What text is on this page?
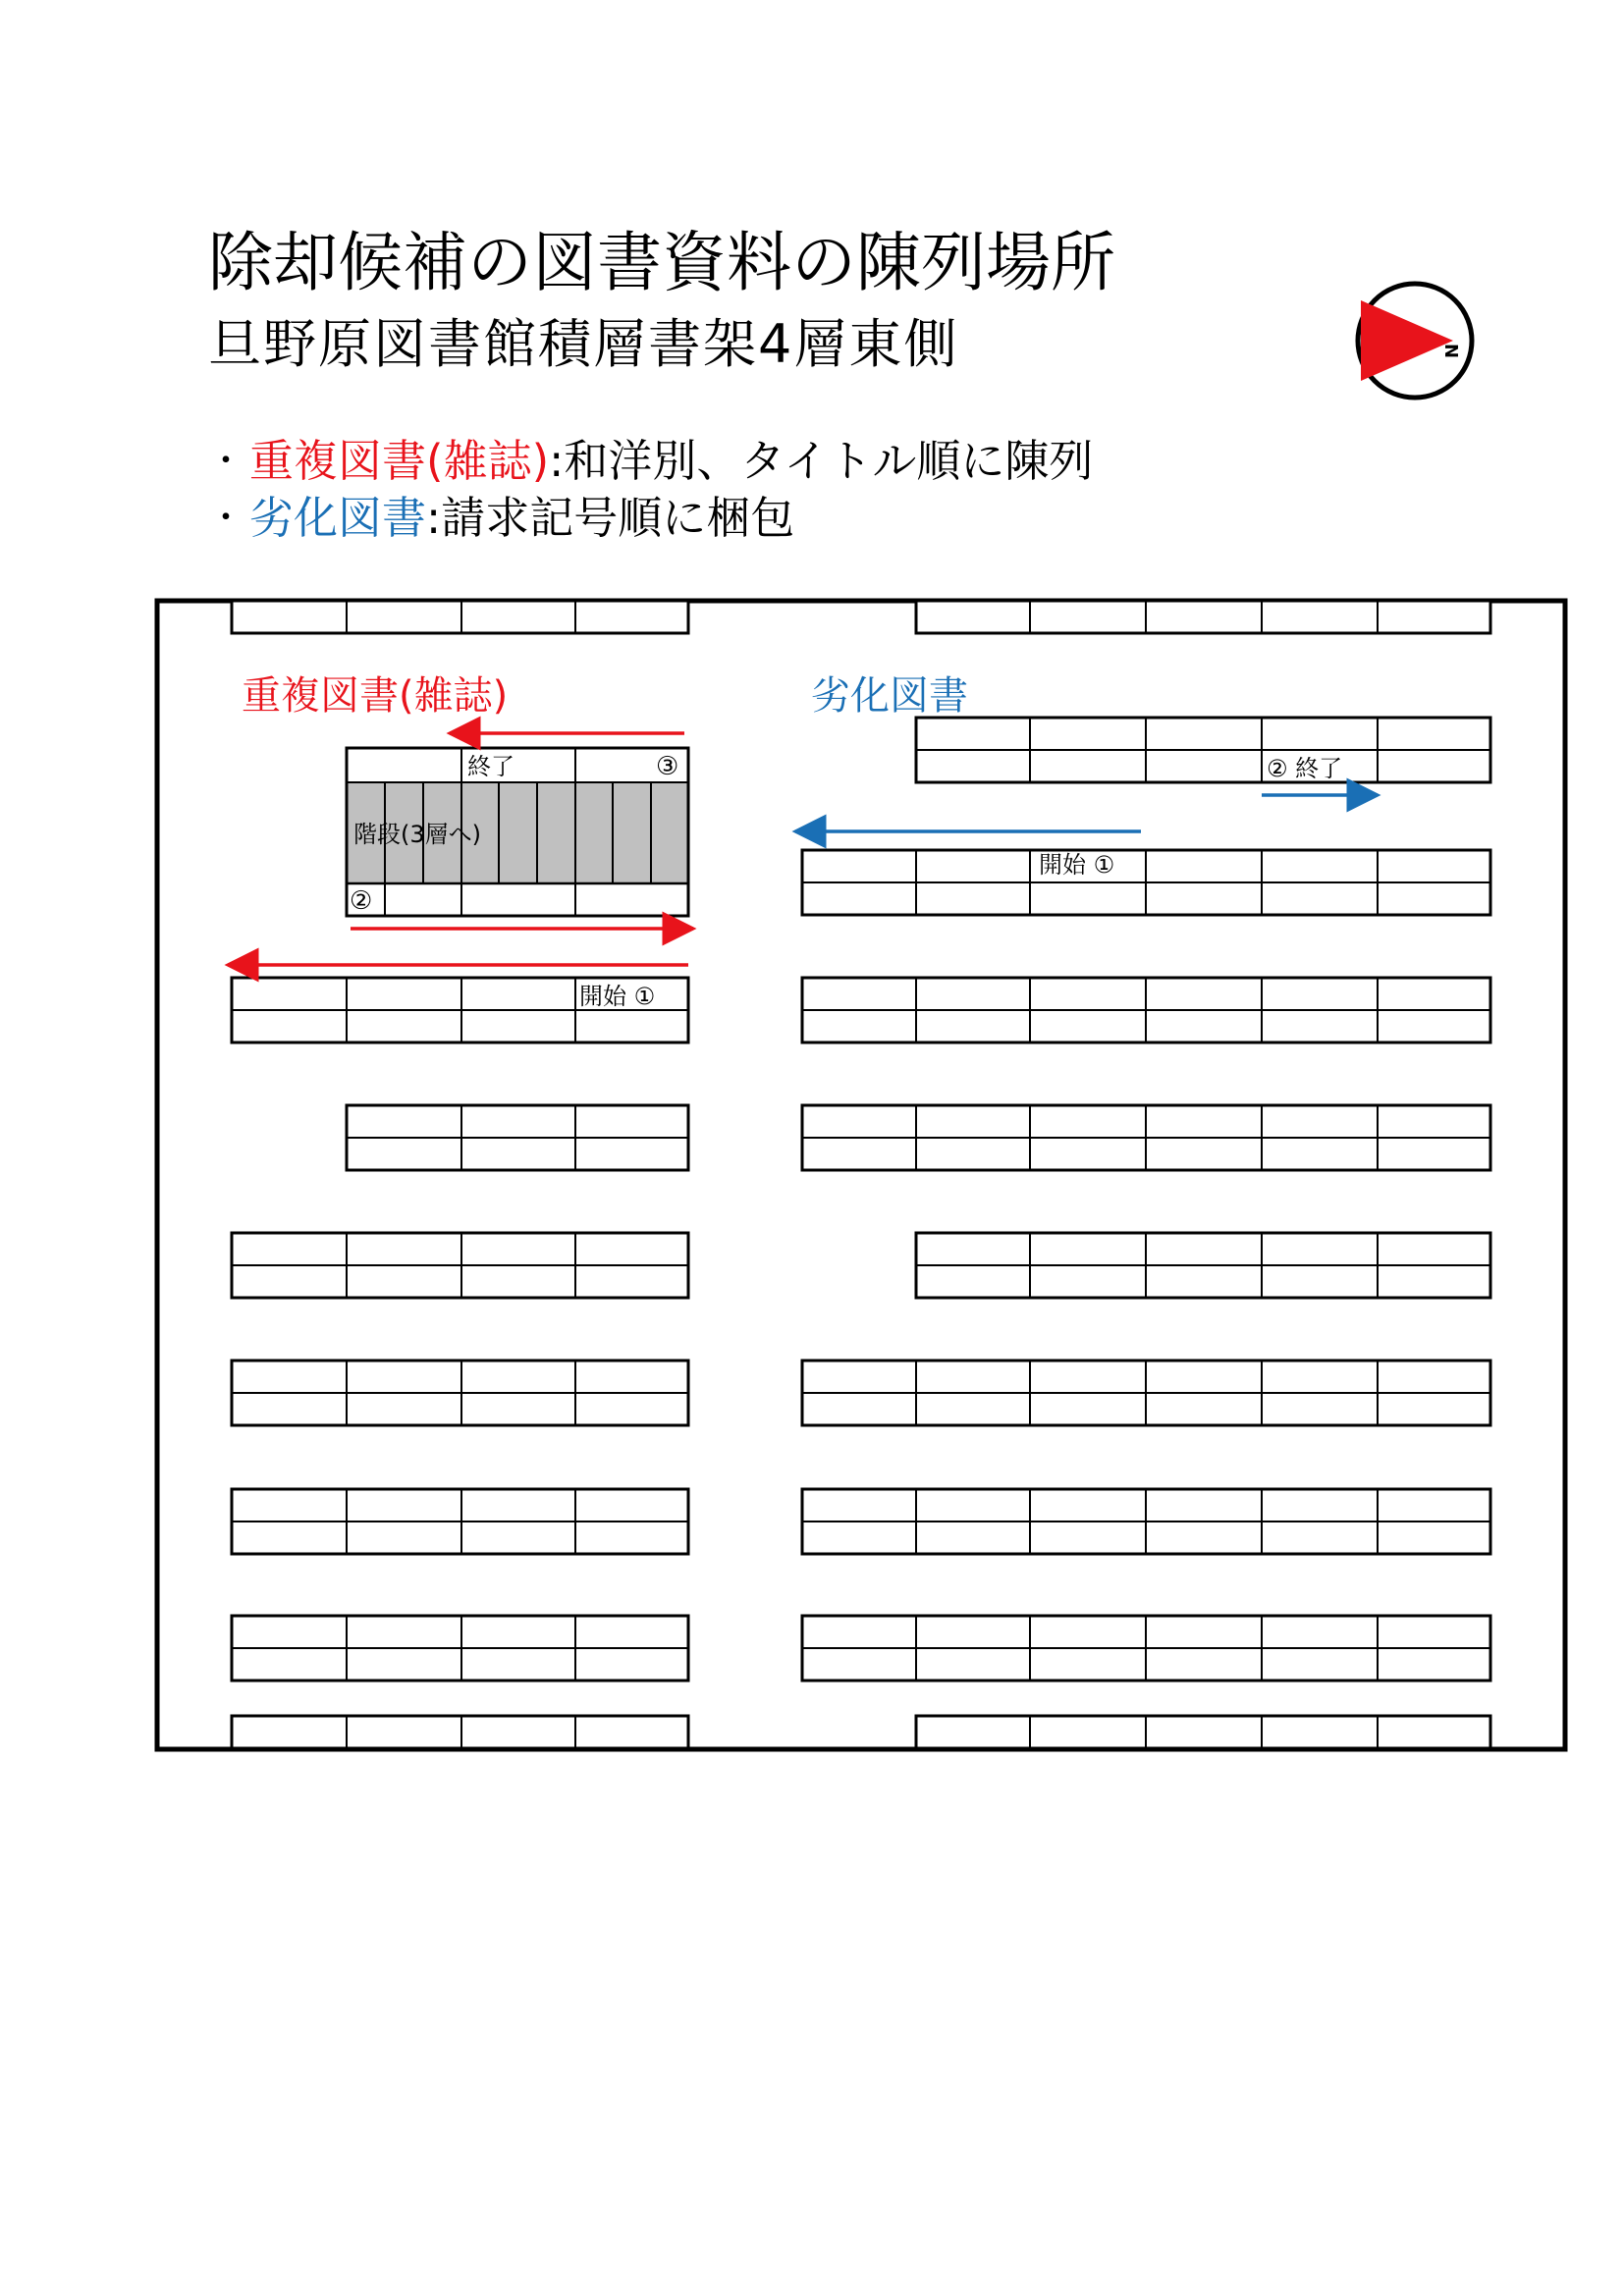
除却候補の図書資料の陳列場所
旦野原図書館積層書架4層東側
・ 重複図書(雑誌):和洋別、タイトル順に陳列
・ 劣化図書:請求記号順に梱包
N
階段(3層へ)
重複図書(雑誌)	劣化図書
終了	③
②
開始 ①
② 終了
開始 ①
